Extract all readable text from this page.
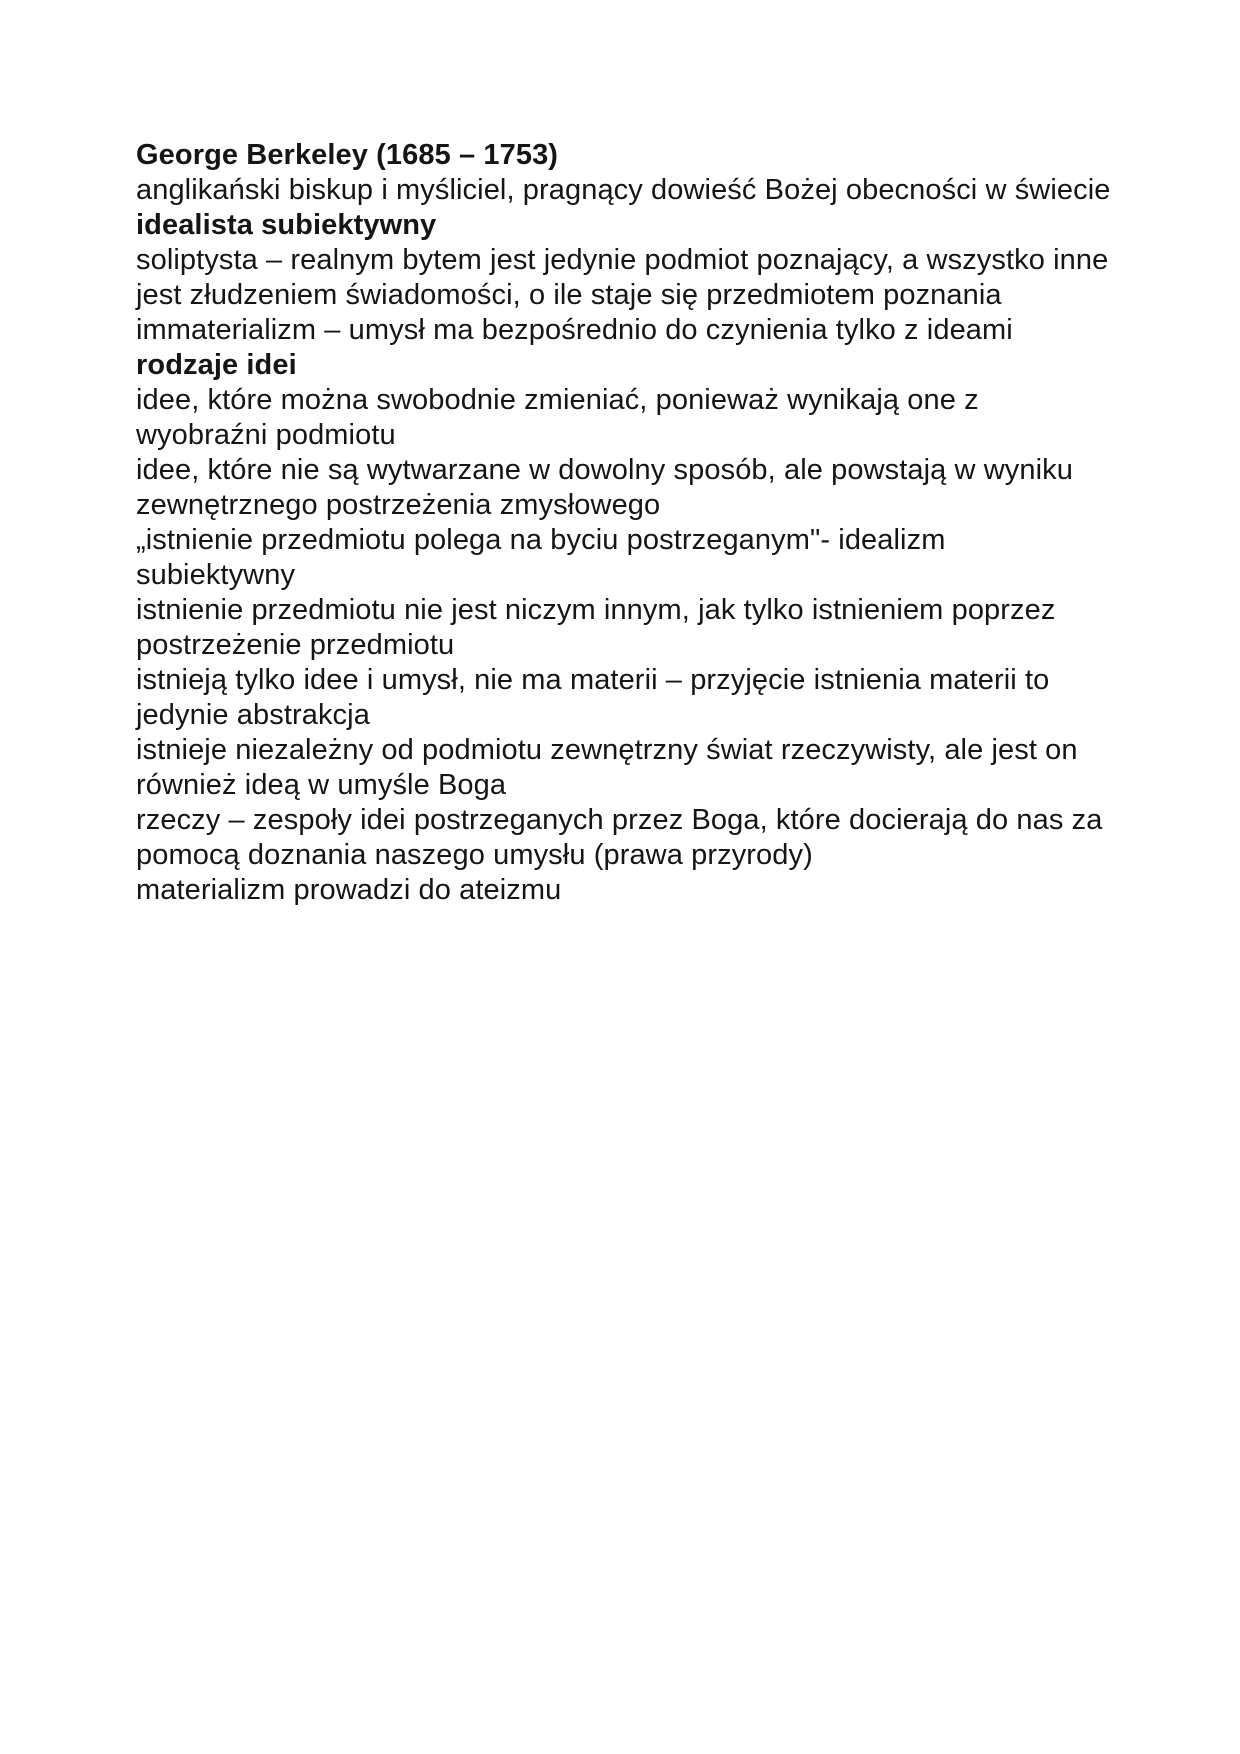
George Berkeley (1685 – 1753)

anglikański biskup i myśliciel, pragnący dowieść Bożej obecności w świecie

idealista subiektywny

soliptysta – realnym bytem jest jedynie podmiot poznający, a wszystko inne jest złudzeniem świadomości, o ile staje się przedmiotem poznania

immaterializm – umysł ma bezpośrednio do czynienia tylko z ideami

rodzaje idei

idee, które można swobodnie zmieniać, ponieważ wynikają one z wyobraźni podmiotu

idee, które nie są wytwarzane w dowolny sposób, ale powstają w wyniku zewnętrznego postrzeżenia zmysłowego

„istnienie przedmiotu polega na byciu postrzeganym"- idealizm subiektywny

istnienie przedmiotu nie jest niczym innym, jak tylko istnieniem poprzez postrzeżenie przedmiotu

istnieją tylko idee i umysł, nie ma materii – przyjęcie istnienia materii to jedynie abstrakcja

istnieje niezależny od podmiotu zewnętrzny świat rzeczywisty, ale jest on również ideą w umyśle Boga

rzeczy – zespoły idei postrzeganych przez Boga, które docierają do nas za pomocą doznania naszego umysłu (prawa przyrody)

materializm prowadzi do ateizmu
